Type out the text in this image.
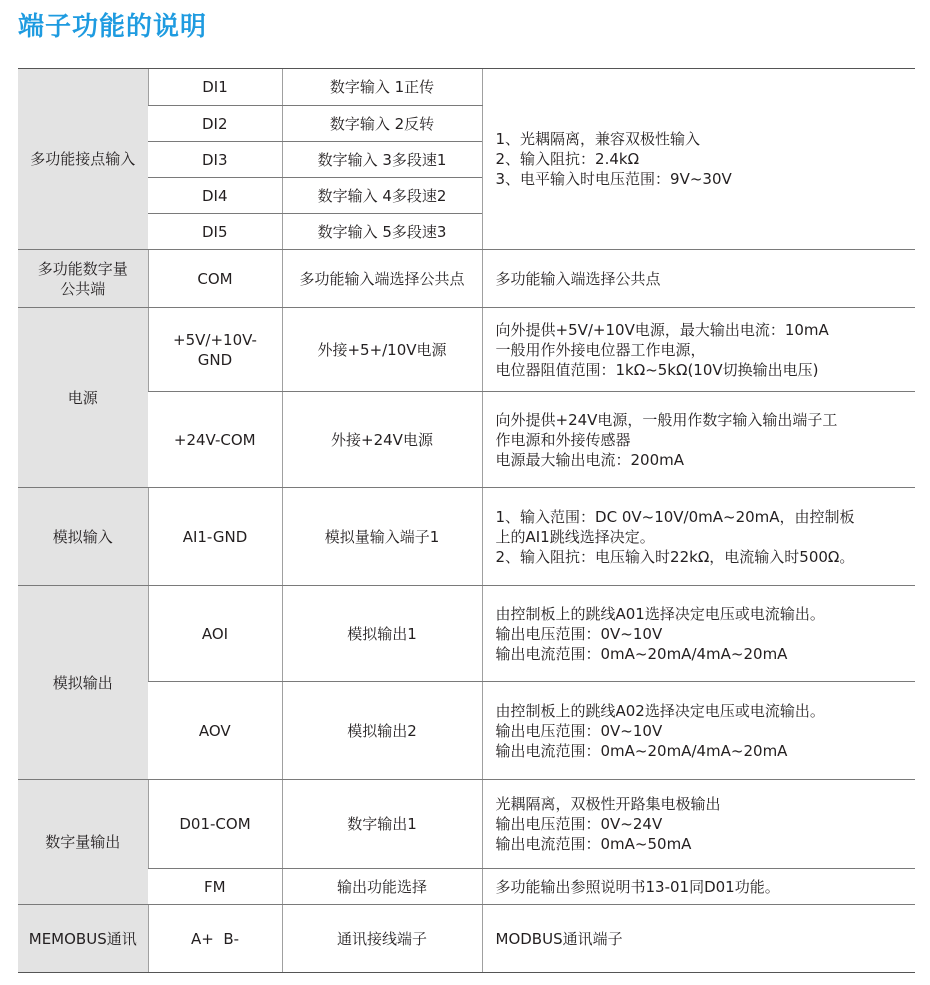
端子功能的说明
多功能接点输入	DI1	数字输入 1正传	1、光耦隔离，兼容双极性输入
2、输入阻抗：2.4kΩ
3、电平输入时电压范围：9V~30V

	DI2	数字输入 2反转	
	DI3	数字输入 3多段速1	
	DI4	数字输入 4多段速2	
	DI5	数字输入 5多段速3	

多功能数字量
公共端	COM	多功能输入端选择公共点	多功能输入端选择公共点
电源	+5V/+10V-GND	外接+5+/10V电源	向外提供+5V/+10V电源，最大输出电流：10mA
一般用作外接电位器工作电源，
电位器阻值范围：1kΩ~5kΩ(10V切换输出电压)

	+24V-COM	外接+24V电源	向外提供+24V电源，一般用作数字输入输出端子工
作电源和外接传感器
电源最大输出电流：200mA

模拟输入	AI1-GND	模拟量输入端子1	1、输入范围：DC 0V~10V/0mA~20mA，由控制板
上的AI1跳线选择决定。
2、输入阻抗：电压输入时22kΩ，电流输入时500Ω。

模拟输出	AOI	模拟输出1	由控制板上的跳线A01选择决定电压或电流输出。
输出电压范围：0V~10V
输出电流范围：0mA~20mA/4mA~20mA

	AOV	模拟输出2	由控制板上的跳线A02选择决定电压或电流输出。
输出电压范围：0V~10V
输出电流范围：0mA~20mA/4mA~20mA

数字量输出	D01-COM	数字输出1	光耦隔离，双极性开路集电极输出
输出电压范围：0V~24V
输出电流范围：0mA~50mA

	FM	输出功能选择	多功能输出参照说明书13-01同D01功能。

MEMOBUS通讯	A+  B-	通讯接线端子	MODBUS通讯端子
